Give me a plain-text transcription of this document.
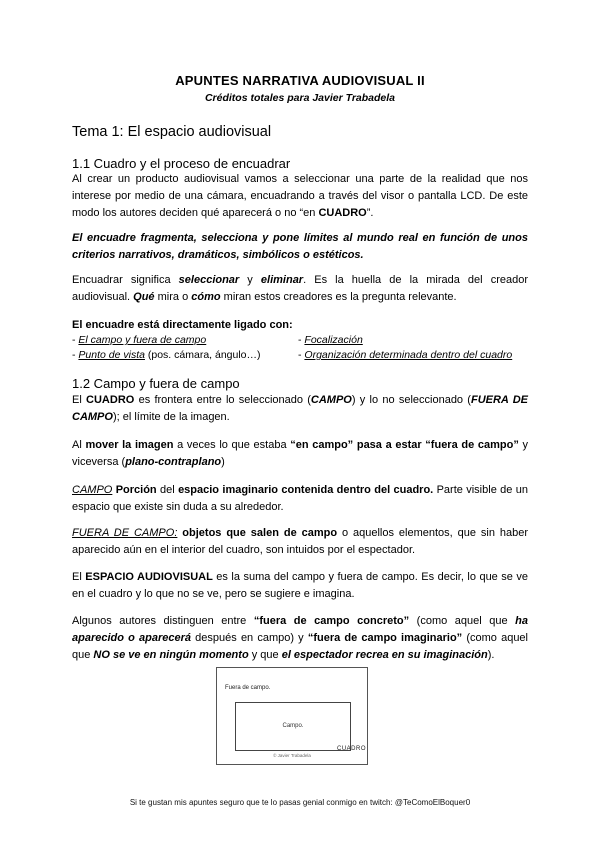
APUNTES NARRATIVA AUDIOVISUAL II
Créditos totales para Javier Trabadela
Tema 1: El espacio audiovisual
1.1 Cuadro y el proceso de encuadrar

Al crear un producto audiovisual vamos a seleccionar una parte de la realidad que nos interese por medio de una cámara, encuadrando a través del visor o pantalla LCD. De este modo los autores deciden qué aparecerá o no “en CUADRO”.

El encuadre fragmenta, selecciona y pone límites al mundo real en función de unos criterios narrativos, dramáticos, simbólicos o estéticos.

Encuadrar significa seleccionar y eliminar. Es la huella de la mirada del creador audiovisual. Qué mira o cómo miran estos creadores es la pregunta relevante.

El encuadre está directamente ligado con:
- El campo y fuera de campo	- Focalización
- Punto de vista (pos. cámara, ángulo…)	- Organización determinada dentro del cuadro
1.2 Campo y fuera de campo

El CUADRO es frontera entre lo seleccionado (CAMPO) y lo no seleccionado (FUERA DE CAMPO); el límite de la imagen.

Al mover la imagen a veces lo que estaba “en campo” pasa a estar “fuera de campo” y viceversa (plano-contraplano)

CAMPO Porción del espacio imaginario contenida dentro del cuadro. Parte visible de un espacio que existe sin duda a su alrededor.

FUERA DE CAMPO: objetos que salen de campo o aquellos elementos, que sin haber aparecido aún en el interior del cuadro, son intuidos por el espectador.

El ESPACIO AUDIOVISUAL es la suma del campo y fuera de campo. Es decir, lo que se ve en el cuadro y lo que no se ve, pero se sugiere e imagina.

Algunos autores distinguen entre “fuera de campo concreto” (como aquel que ha aparecido o aparecerá después en campo) y “fuera de campo imaginario” (como aquel que NO se ve en ningún momento y que el espectador recrea en su imaginación).

Fuera de campo.
Campo.
CUADRO
© Javier Trabadela
Si te gustan mis apuntes seguro que te lo pasas genial conmigo en twitch: @TeComoElBoquer0
